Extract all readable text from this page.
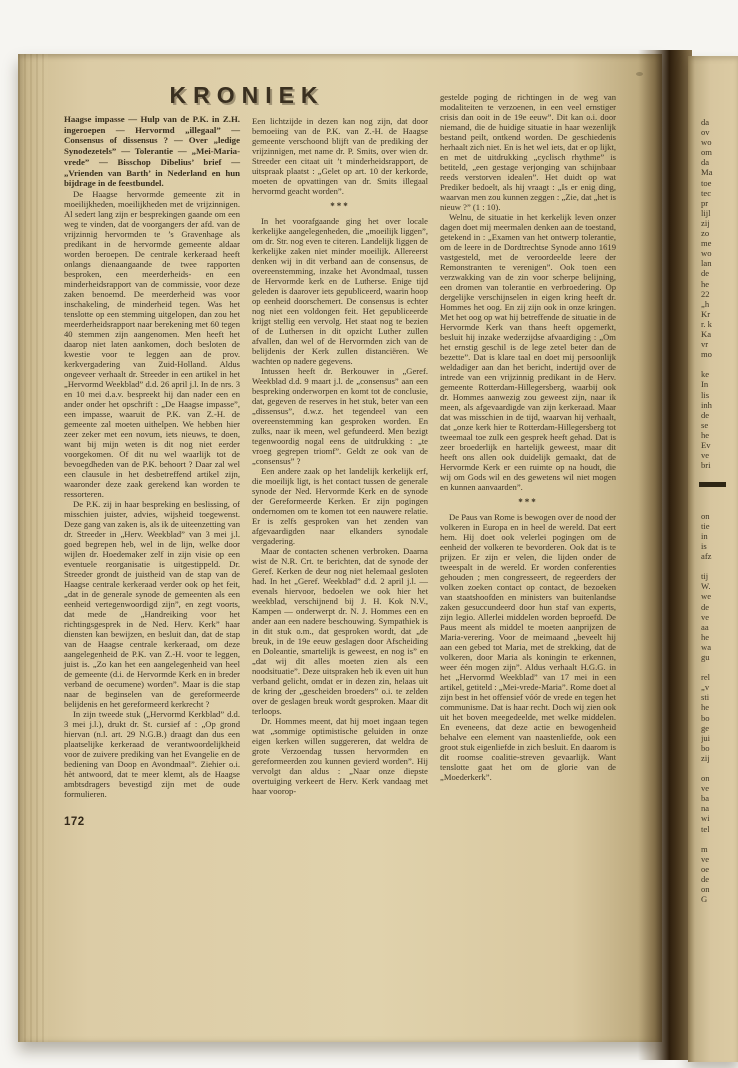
KRONIEK

Haagse impasse — Hulp van de P.K. in Z.H. ingeroepen — Hervormd „illegaal” — Consensus of dissensus ? — Over „ledige Synodezetels” — Tolerantie — „Mei-Maria-vrede” — Bisschop Dibelius’ brief — „Vrienden van Barth’ in Nederland en hun bijdrage in de feestbundel.

De Haagse hervormde gemeente zit in moeilijkheden, moeilijkheden met de vrijzinnigen. Al sedert lang zijn er besprekingen gaande om een weg te vinden, dat de voorgangers der afd. van de vrijzinnig hervormden te ’s Gravenhage als predikant in de hervormde gemeente aldaar worden beroepen. De centrale kerkeraad heeft onlangs dienaangaande de twee rapporten besproken, een meerderheids- en een minderheidsrapport van de commissie, voor deze zaken benoemd. De meerderheid was voor inschakeling, de minderheid tegen. Was het tenslotte op een stemming uitgelopen, dan zou het meerderheidsrapport naar berekening met 60 tegen 40 stemmen zijn aangenomen. Men heeft het daarop niet laten aankomen, doch besloten de kwestie voor te leggen aan de prov. kerkvergadering van Zuid-Holland. Aldus ongeveer verhaalt dr. Streeder in een artikel in het „Hervormd Weekblad” d.d. 26 april j.l. In de nrs. 3 en 10 mei d.a.v. bespreekt hij dan nader een en ander onder het opschrift : „De Haagse impasse”, een impasse, waaruit de P.K. van Z.-H. de gemeente zal moeten uithelpen. We hebben hier zeer zeker met een novum, iets nieuws, te doen, want bij mijn weten is dit nog niet eerder voorgekomen. Of dit nu wel waarlijk tot de bevoegdheden van de P.K. behoort ? Daar zal wel een clausule in het desbetreffend artikel zijn, waaronder deze zaak gerekend kan worden te ressorteren.

De P.K. zij in haar bespreking en beslissing, of misschien juister, advies, wijsheid toegewenst. Deze gang van zaken is, als ik de uiteenzetting van dr. Streeder in „Herv. Weekblad” van 3 mei j.l. goed begrepen heb, wel in de lijn, welke door wijlen dr. Hoedemaker zelf in zijn visie op een eventuele reorganisatie is uitgestippeld. Dr. Streeder grondt de juistheid van de stap van de Haagse centrale kerkeraad verder ook op het feit, „dat in de generale synode de gemeenten als een eenheid vertegenwoordigd zijn”, en zegt voorts, dat mede de „Handreiking voor het richtingsgesprek in de Ned. Herv. Kerk” haar diensten kan bewijzen, en besluit dan, dat de stap van de Haagse centrale kerkeraad, om deze aangelegenheid de P.K. van Z.-H. voor te leggen, juist is. „Zo kan het een aangelegenheid van heel de gemeente (d.i. de Hervormde Kerk en in breder verband de oecumene) worden”. Maar is die stap naar de beginselen van de gereformeerde belijdenis en het gereformeerd kerkrecht ?

In zijn tweede stuk („Hervormd Kerkblad” d.d. 3 mei j.l.), drukt dr. St. cursief af : „Op grond hiervan (n.l. art. 29 N.G.B.) draagt dan dus een plaatselijke kerkeraad de verantwoordelijkheid voor de zuivere prediking van het Evangelie en de bediening van Doop en Avondmaal”. Ziehier o.i. hèt antwoord, dat te meer klemt, als de Haagse ambtsdragers bevestigd zijn met de oude formulieren.

172

Een lichtzijde in dezen kan nog zijn, dat door bemoeiing van de P.K. van Z.-H. de Haagse gemeente verschoond blijft van de prediking der vrijzinnigen, met name dr. P. Smits, over wien dr. Streeder een citaat uit ’t minderheidsrapport, de uitspraak plaatst : „Gelet op art. 10 der kerkorde, moeten de opvattingen van dr. Smits illegaal hervormd geacht worden”.

***

In het voorafgaande ging het over locale kerkelijke aangelegenheden, die „moeilijk liggen”, om dr. Str. nog even te citeren. Landelijk liggen de kerkelijke zaken niet minder moeilijk. Allereerst denken wij in dit verband aan de consensus, de overeenstemming, inzake het Avondmaal, tussen de Hervormde kerk en de Lutherse. Enige tijd geleden is daarover iets gepubliceerd, waarin hoop op eenheid doorschemert. De consensus is echter nog niet een voldongen feit. Het gepubliceerde krijgt stellig een vervolg. Het staat nog te bezien of de Luthersen in dit opzicht Luther zullen afvallen, dan wel of de Hervormden zich van de belijdenis der Kerk zullen distanciëren. We wachten op nadere gegevens.

Intussen heeft dr. Berkouwer in „Geref. Weekblad d.d. 9 maart j.l. de „consensus” aan een bespreking onderworpen en komt tot de conclusie, dat, gegeven de reserves in het stuk, beter van een „dissensus”, d.w.z. het tegendeel van een overeenstemming kan gesproken worden. En zulks, naar ik meen, wel gefundeerd. Men bezigt tegenwoordig nogal eens de uitdrukking : „te vroeg gegrepen triomf”. Geldt ze ook van de „consensus” ?

Een andere zaak op het landelijk kerkelijk erf, die moeilijk ligt, is het contact tussen de generale synode der Ned. Hervormde Kerk en de synode der Gereformeerde Kerken. Er zijn pogingen ondernomen om te komen tot een nauwere relatie. Er is zelfs gesproken van het zenden van afgevaardigden naar elkanders synodale vergadering.

Maar de contacten schenen verbroken. Daarna wist de N.R. Crt. te berichten, dat de synode der Geref. Kerken de deur nog niet helemaal gesloten had. In het „Geref. Weekblad” d.d. 2 april j.l. — evenals hiervoor, bedoelen we ook hier het weekblad, verschijnend bij J. H. Kok N.V., Kampen — onderwerpt dr. N. J. Hommes een en ander aan een nadere beschouwing. Sympathiek is in dit stuk o.m., dat gesproken wordt, dat „de breuk, in de 19e eeuw geslagen door Afscheiding en Doleantie, smartelijk is geweest, en nog is” en „dat wij dit alles moeten zien als een noodsituatie”. Deze uitspraken heb ik even uit hun verband gelicht, omdat er in dezen zin, helaas uit de kring der „gescheiden broeders” o.i. te zelden over de geslagen breuk wordt gesproken. Maar dit terloops.

Dr. Hommes meent, dat hij moet ingaan tegen wat „sommige optimistische geluiden in onze eigen kerken willen suggereren, dat weldra de grote Verzoendag tussen hervormden en gereformeerden zou kunnen gevierd worden”. Hij vervolgt dan aldus : „Naar onze diepste overtuiging verkeert de Herv. Kerk vandaag met haar voorop-

gestelde poging de richtingen in de weg van modaliteiten te verzoenen, in een veel ernstiger crisis dan ooit in de 19e eeuw”. Dit kan o.i. door niemand, die de huidige situatie in haar wezenlijk bestand peilt, ontkend worden. De geschiedenis herhaalt zich niet. En is het wel iets, dat er op lijkt, en met de uitdrukking „cyclisch rhythme” is betiteld, „een gestage verjonging van schijnbaar reeds verstorven idealen”. Het duidt op wat Prediker bedoelt, als hij vraagt : „Is er enig ding, waarvan men zou kunnen zeggen : „Zie, dat „het is nieuw ?” (1 : 10).

Welnu, de situatie in het kerkelijk leven onzer dagen doet mij meermalen denken aan de toestand, getekend in : „Examen van het ontwerp tolerantie, om de leere in de Dordtrechtse Synode anno 1619 vastgesteld, met de veroordeelde leere der Remonstranten te verenigen”. Ook toen een verzwakking van de zin voor scherpe belijning, een dromen van tolerantie en verbroedering. Op dergelijke verschijnselen in eigen kring heeft dr. Hommes het oog. En zij zijn ook in onze kringen. Met het oog op wat hij betreffende de situatie in de Hervormde Kerk van thans heeft opgemerkt, besluit hij inzake wederzijdse afvaardiging : „Om het ernstig geschil is de lege zetel beter dan de bezette”. Dat is klare taal en doet mij persoonlijk weldadiger aan dan het bericht, indertijd over de intrede van een vrijzinnig predikant in de Herv. gemeente Rotterdam-Hillegersberg, waarbij ook dr. Hommes aanwezig zou geweest zijn, naar ik meen, als afgevaardigde van zijn kerkeraad. Maar dat was misschien in de tijd, waarvan hij verhaalt, dat „onze kerk hier te Rotterdam-Hillegersberg tot tweemaal toe zulk een gesprek heeft gehad. Dat is zeer broederlijk en hartelijk geweest, maar dit heeft ons allen ook duidelijk gemaakt, dat de Hervormde Kerk er een ruimte op na houdt, die wij om Gods wil en des gewetens wil niet mogen en kunnen aanvaarden”.

***

De Paus van Rome is bewogen over de nood der volkeren in Europa en in heel de wereld. Dat eert hem. Hij doet ook velerlei pogingen om de eenheid der volkeren te bevorderen. Ook dat is te prijzen. Er zijn er velen, die lijden onder de tweespalt in de wereld. Er worden conferenties gehouden ; men congresseert, de regeerders der volken zoeken contact op contact, de bezoeken van staatshoofden en ministers van buitenlandse zaken gesuccundeerd door hun staf van experts, zijn legio. Allerlei middelen worden beproefd. De Paus meent als middel te moeten aanprijzen de Maria-verering. Voor de meimaand „beveelt hij aan een gebed tot Maria, met de strekking, dat de volkeren, door Maria als koningin te erkennen, weer één mogen zijn”. Aldus verhaalt H.G.G. in het „Hervormd Weekblad” van 17 mei in een artikel, getiteld : „Mei-vrede-Maria”. Rome doet al zijn best in het offensief vóór de vrede en tegen het communisme. Dat is haar recht. Doch wij zien ook uit het boven meegedeelde, met welke middelen. En eveneens, dat deze actie en bewogenheid behalve een element van naastenliefde, ook een groot stuk eigenliefde in zich besluit. En daarom is dit roomse coalitie-streven gevaarlijk. Want tenslotte gaat het om de glorie van de „Moederkerk”.

da
ov
wo
om
da
Ma
toe
tec
pr
lijl
zij
zo
me
wo
lan
de
he
22
„h
Kr
r. k
Ka
vr
mo
ke
In
lis
inh
de
se
he
Ev
ve
bri
on
tie
in
is
afz
tij
W.
we
de
ve
aa
he
wa
gu
rel
„v
sti
he
bo
ge
jui
bo
zij
on
ve
ba
na
wi
tel
m
ve
oe
de
on
G
